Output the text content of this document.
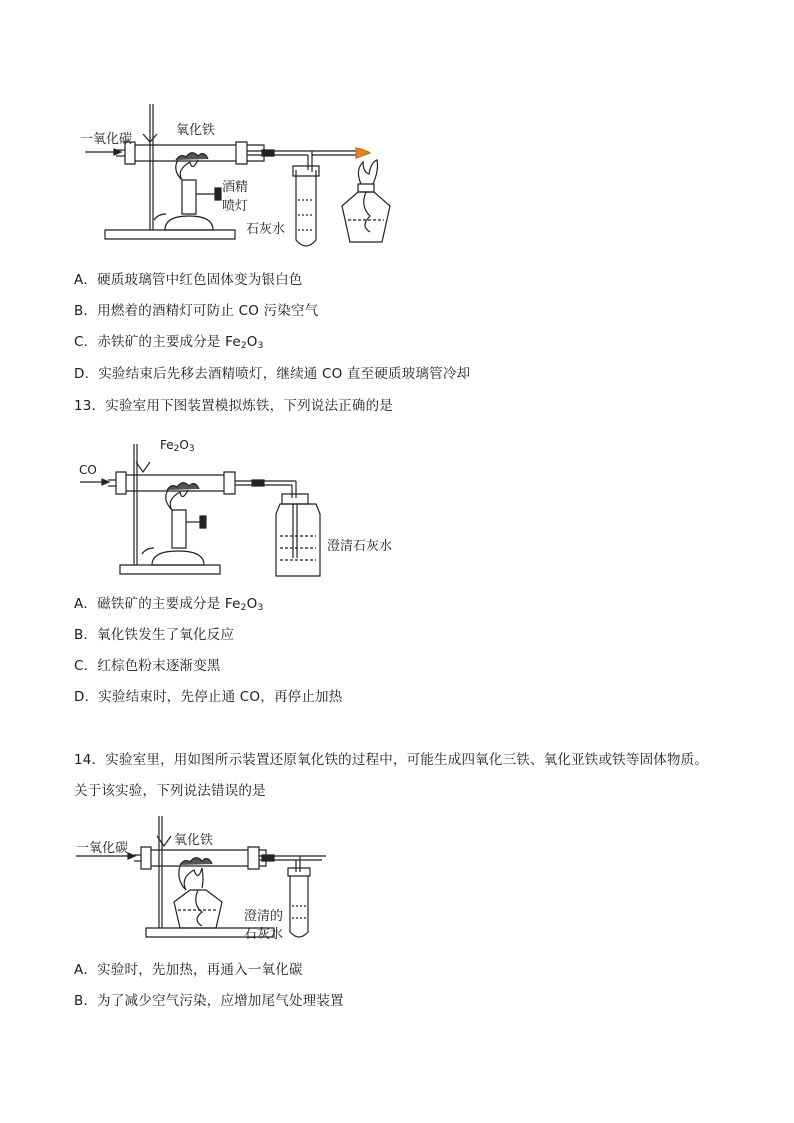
一氧化碳
氧化铁
酒精
喷灯
石灰水
A．硬质玻璃管中红色固体变为银白色
B．用燃着的酒精灯可防止 CO 污染空气
C．赤铁矿的主要成分是 $Fe_2O_3$
D．实验结束后先移去酒精喷灯，继续通 CO 直至硬质玻璃管冷却
13．实验室用下图装置模拟炼铁，下列说法正确的是
CO
$Fe_2O_3$
澄清石灰水
A．磁铁矿的主要成分是 $Fe_2O_3$
B．氧化铁发生了氧化反应
C．红棕色粉末逐渐变黑
D．实验结束时，先停止通 CO，再停止加热
14．实验室里，用如图所示装置还原氧化铁的过程中，可能生成四氧化三铁、氧化亚铁或铁等固体物质。
关于该实验，下列说法错误的是
一氧化碳
氧化铁
澄清的
石灰水
A．实验时，先加热，再通入一氧化碳
B．为了减少空气污染，应增加尾气处理装置
